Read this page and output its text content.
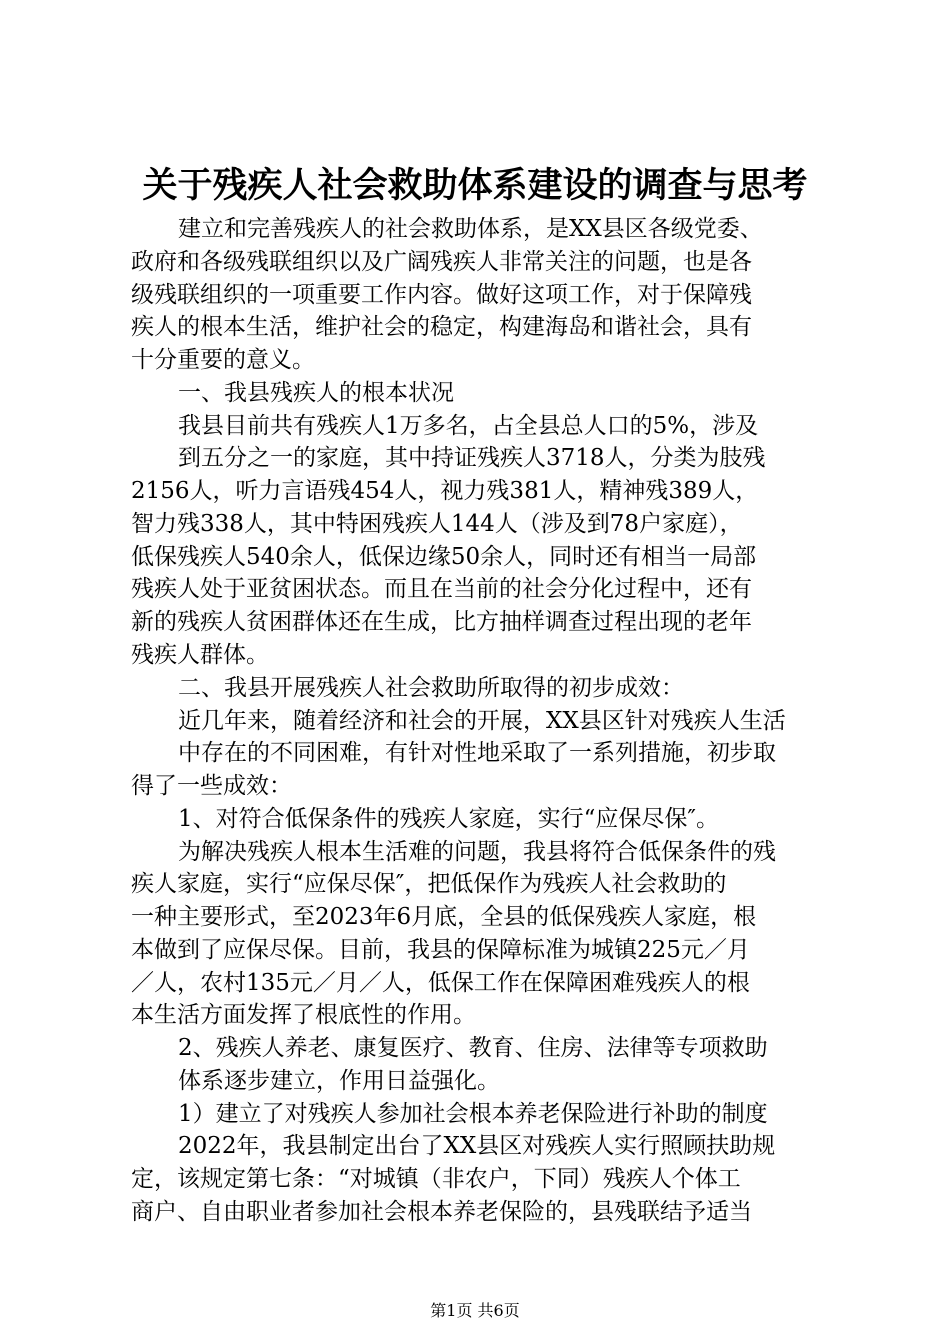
关于残疾人社会救助体系建设的调查与思考
建立和完善残疾人的社会救助体系，是XX县区各级党委、
政府和各级残联组织以及广阔残疾人非常关注的问题，也是各
级残联组织的一项重要工作内容。做好这项工作，对于保障残
疾人的根本生活，维护社会的稳定，构建海岛和谐社会，具有
十分重要的意义。
一、我县残疾人的根本状况
我县目前共有残疾人1万多名，占全县总人口的5%，涉及
到五分之一的家庭，其中持证残疾人3718人，分类为肢残
2156人，听力言语残454人，视力残381人，精神残389人，
智力残338人，其中特困残疾人144人（涉及到78户家庭），
低保残疾人540余人，低保边缘50余人，同时还有相当一局部
残疾人处于亚贫困状态。而且在当前的社会分化过程中，还有
新的残疾人贫困群体还在生成，比方抽样调查过程出现的老年
残疾人群体。
二、我县开展残疾人社会救助所取得的初步成效：
近几年来，随着经济和社会的开展，XX县区针对残疾人生活
中存在的不同困难，有针对性地采取了一系列措施，初步取
得了一些成效：
1、对符合低保条件的残疾人家庭，实行“应保尽保″。
为解决残疾人根本生活难的问题，我县将符合低保条件的残
疾人家庭，实行“应保尽保″，把低保作为残疾人社会救助的
一种主要形式，至2023年6月底，全县的低保残疾人家庭，根
本做到了应保尽保。目前，我县的保障标准为城镇225元／月
／人，农村135元／月／人，低保工作在保障困难残疾人的根
本生活方面发挥了根底性的作用。
2、残疾人养老、康复医疗、教育、住房、法律等专项救助
体系逐步建立，作用日益强化。
1）建立了对残疾人参加社会根本养老保险进行补助的制度
2022年，我县制定出台了XX县区对残疾人实行照顾扶助规
定，该规定第七条：“对城镇（非农户，下同）残疾人个体工
商户、自由职业者参加社会根本养老保险的，县残联结予适当
第1页 共6页
